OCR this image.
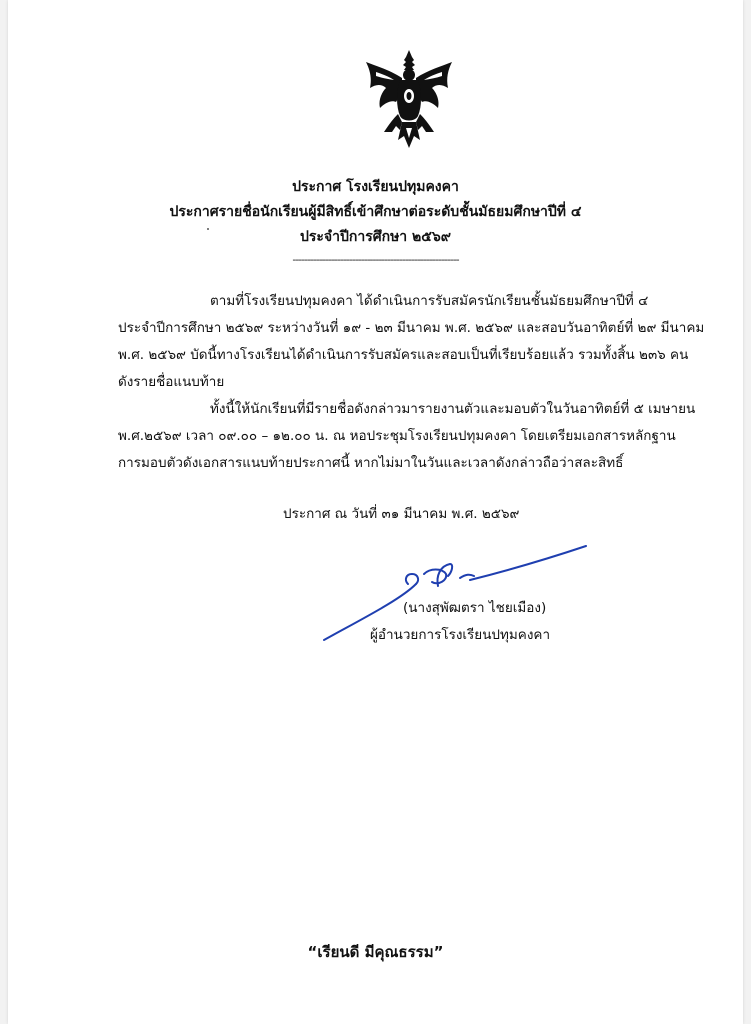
ประกาศ โรงเรียนปทุมคงคา
ประกาศรายชื่อนักเรียนผู้มีสิทธิ์เข้าศึกษาต่อระดับชั้นมัธยมศึกษาปีที่ ๔
ประจำปีการศึกษา ๒๕๖๙
--------------------------------------------------------
ตามที่โรงเรียนปทุมคงคา ได้ดำเนินการรับสมัครนักเรียนชั้นมัธยมศึกษาปีที่ ๔
ประจำปีการศึกษา ๒๕๖๙ ระหว่างวันที่ ๑๙ - ๒๓ มีนาคม พ.ศ. ๒๕๖๙ และสอบวันอาทิตย์ที่ ๒๙ มีนาคม
พ.ศ. ๒๕๖๙ บัดนี้ทางโรงเรียนได้ดำเนินการรับสมัครและสอบเป็นที่เรียบร้อยแล้ว รวมทั้งสิ้น ๒๓๖ คน
ดังรายชื่อแนบท้าย
ทั้งนี้ให้นักเรียนที่มีรายชื่อดังกล่าวมารายงานตัวและมอบตัวในวันอาทิตย์ที่ ๕ เมษายน
พ.ศ.๒๕๖๙ เวลา ๐๙.๐๐ – ๑๒.๐๐ น. ณ หอประชุมโรงเรียนปทุมคงคา โดยเตรียมเอกสารหลักฐาน
การมอบตัวดังเอกสารแนบท้ายประกาศนี้ หากไม่มาในวันและเวลาดังกล่าวถือว่าสละสิทธิ์
ประกาศ ณ วันที่ ๓๑ มีนาคม พ.ศ. ๒๕๖๙
(นางสุพัฒตรา ไชยเมือง)
ผู้อำนวยการโรงเรียนปทุมคงคา
“เรียนดี มีคุณธรรม”
